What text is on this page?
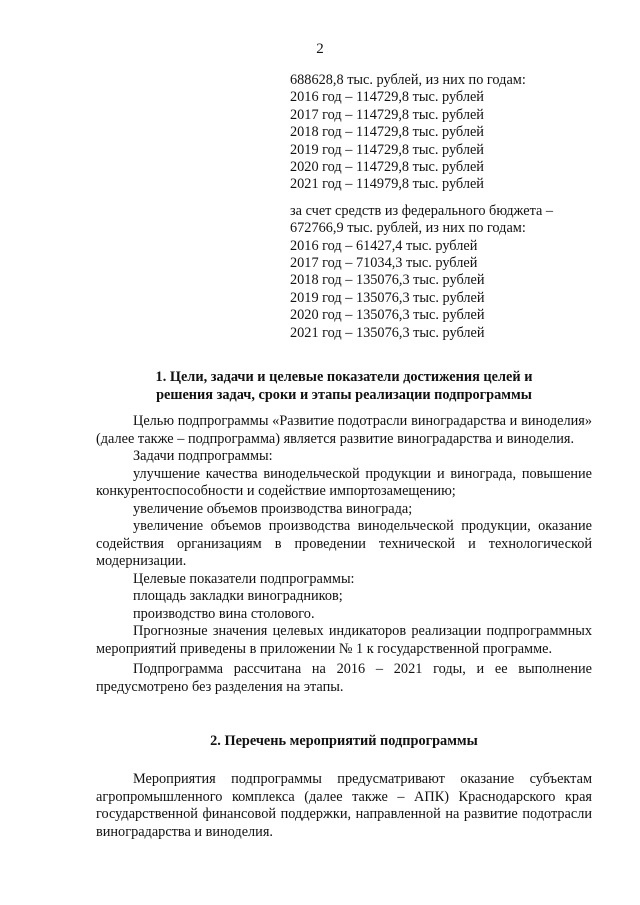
2
688628,8 тыс. рублей, из них по годам:
2016 год – 114729,8 тыс. рублей
2017 год – 114729,8 тыс. рублей
2018 год – 114729,8 тыс. рублей
2019 год – 114729,8 тыс. рублей
2020 год – 114729,8 тыс. рублей
2021 год – 114979,8 тыс. рублей
за счет средств из федерального бюджета –
672766,9 тыс. рублей, из них по годам:
2016 год – 61427,4 тыс. рублей
2017 год – 71034,3 тыс. рублей
2018 год – 135076,3 тыс. рублей
2019 год – 135076,3 тыс. рублей
2020 год – 135076,3 тыс. рублей
2021 год – 135076,3 тыс. рублей
1. Цели, задачи и целевые показатели достижения целей и
решения задач, сроки и этапы реализации подпрограммы

Целью подпрограммы «Развитие подотрасли виноградарства и виноделия» (далее также – подпрограмма) является развитие виноградарства и виноделия.

Задачи подпрограммы:

улучшение качества винодельческой продукции и винограда, повышение конкурентоспособности и содействие импортозамещению;

увеличение объемов производства винограда;

увеличение объемов производства винодельческой продукции, оказание содействия организациям в проведении технической и технологической модернизации.

Целевые показатели подпрограммы:

площадь закладки виноградников;

производство вина столового.

Прогнозные значения целевых индикаторов реализации подпрограммных мероприятий приведены в приложении № 1 к государственной программе.

Подпрограмма рассчитана на 2016 – 2021 годы, и ее выполнение предусмотрено без разделения на этапы.

2. Перечень мероприятий подпрограммы

Мероприятия подпрограммы предусматривают оказание субъектам агропромышленного комплекса (далее также – АПК) Краснодарского края государственной финансовой поддержки, направленной на развитие подотрасли виноградарства и виноделия.
